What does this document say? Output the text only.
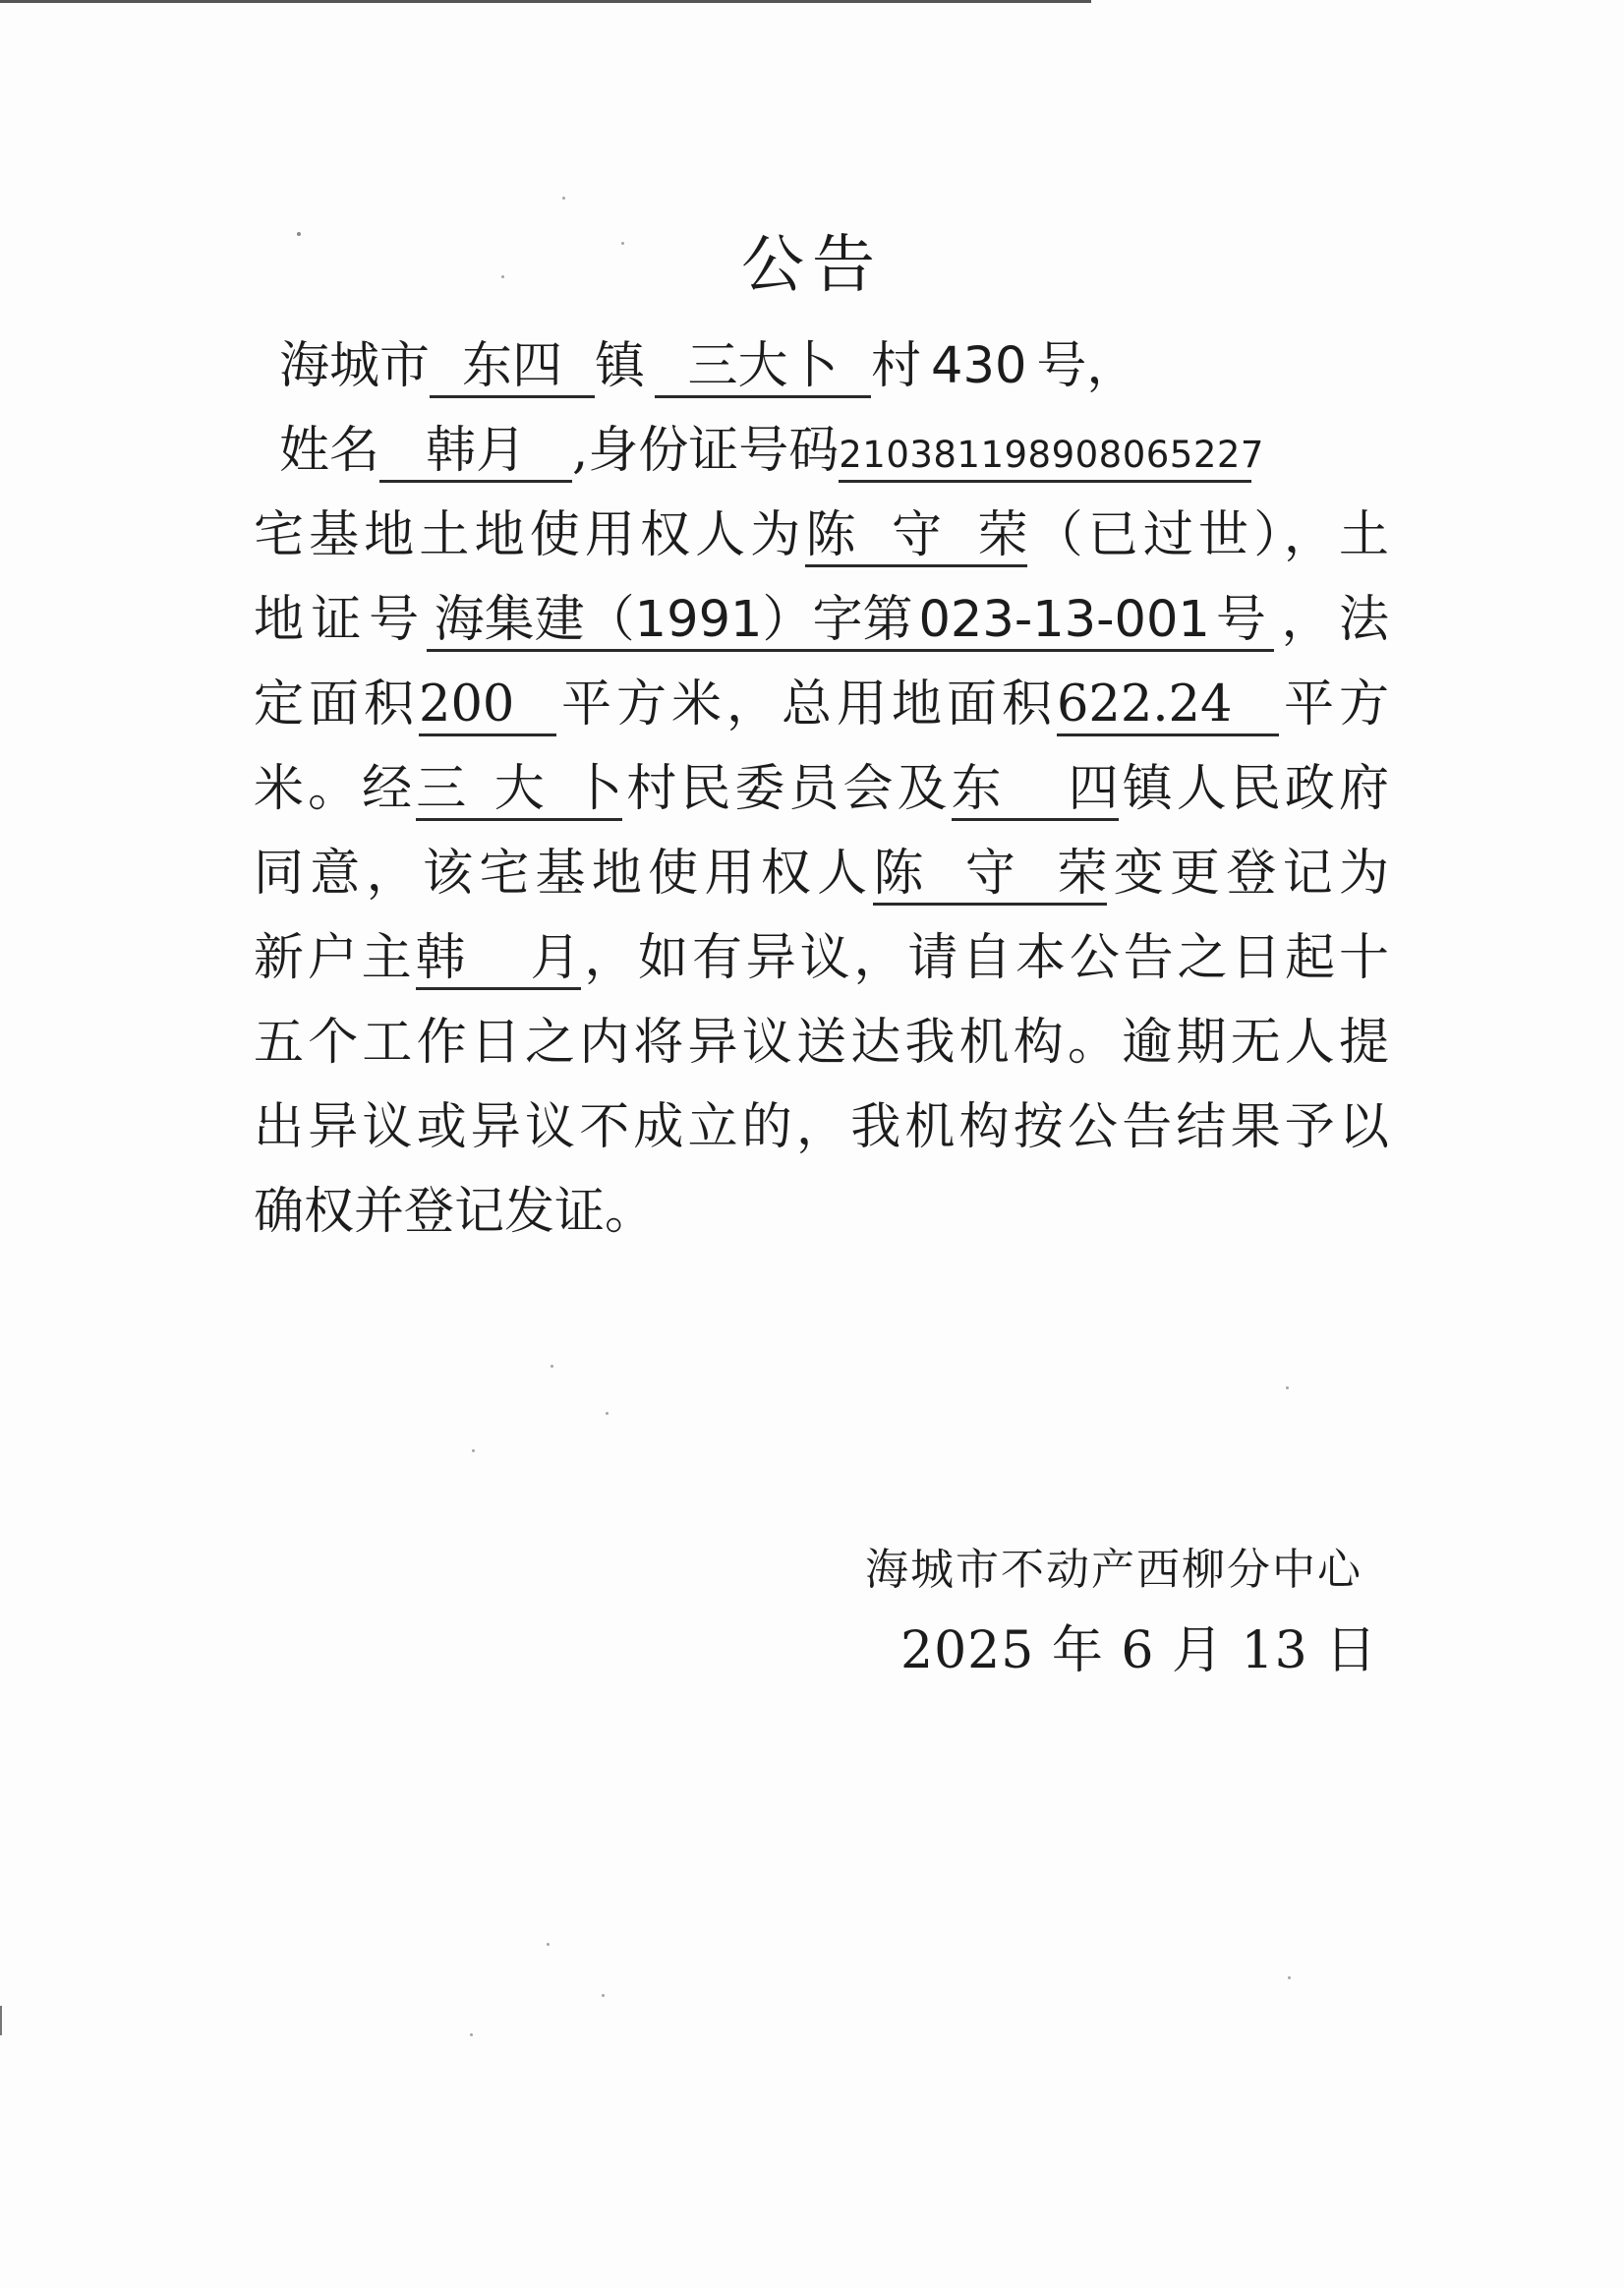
公告
海城市 东四 镇 三大卜 村 430 号，
姓名 韩月 ,身份证号码210381198908065227
宅基地土地使用权人为陈守荣（已过世），土
地证号 海集建（1991）字第 023-13-001 号 ，法
定面积200 平方米，总用地面积622.24 平方
米。经三大卜村民委员会及东四镇人民政府
同意，该宅基地使用权人陈守荣变更登记为
新户主韩月，如有异议，请自本公告之日起十
五个工作日之内将异议送达我机构。逾期无人提
出异议或异议不成立的，我机构按公告结果予以
确权并登记发证。
海城市不动产西柳分中心
2025 年 6 月 13 日
